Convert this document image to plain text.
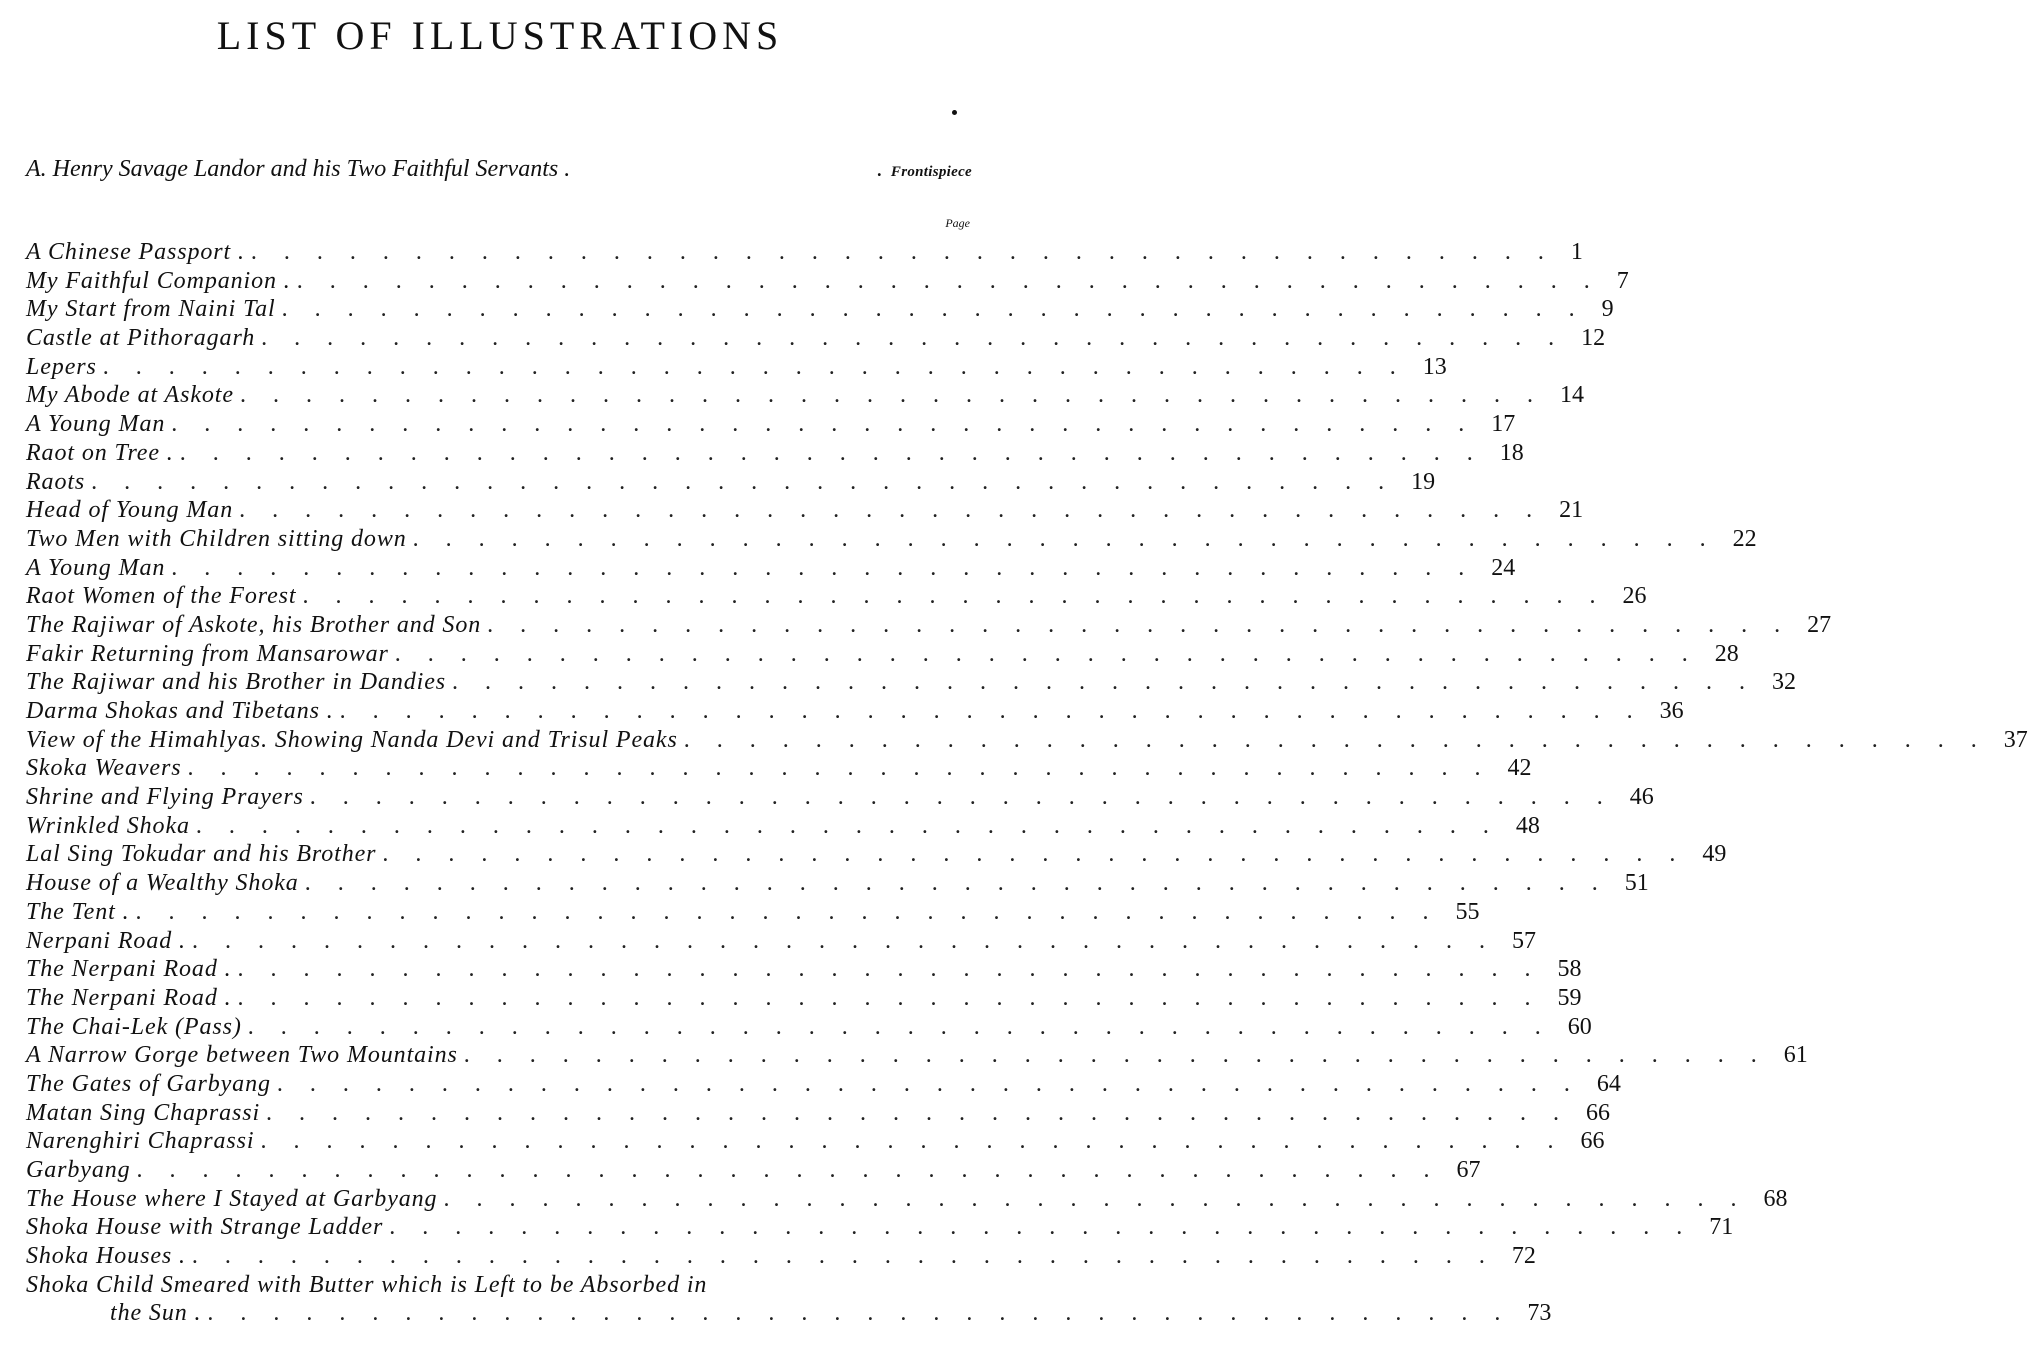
LIST OF ILLUSTRATIONS
A. Henry Savage Landor and his Two Faithful Servants .	. Frontispiece
Page
A Chinese Passport . ........................................ 1
My Faithful Companion . ........................................ 7
My Start from Naini Tal ........................................ 9
Castle at Pithoragarh ........................................ 12
Lepers ........................................ 13
My Abode at Askote ........................................ 14
A Young Man ........................................ 17
Raot on Tree . ........................................ 18
Raots ........................................ 19
Head of Young Man ........................................ 21
Two Men with Children sitting down ........................................ 22
A Young Man ........................................ 24
Raot Women of the Forest ........................................ 26
The Rajiwar of Askote, his Brother and Son ........................................ 27
Fakir Returning from Mansarowar ........................................ 28
The Rajiwar and his Brother in Dandies ........................................ 32
Darma Shokas and Tibetans . ........................................ 36
View of the Himahlyas. Showing Nanda Devi and Trisul Peaks ........................................ 37
Skoka Weavers ........................................ 42
Shrine and Flying Prayers ........................................ 46
Wrinkled Shoka ........................................ 48
Lal Sing Tokudar and his Brother ........................................ 49
House of a Wealthy Shoka ........................................ 51
The Tent . ........................................ 55
Nerpani Road . ........................................ 57
The Nerpani Road . ........................................ 58
The Nerpani Road . ........................................ 59
The Chai-Lek (Pass) ........................................ 60
A Narrow Gorge between Two Mountains ........................................ 61
The Gates of Garbyang ........................................ 64
Matan Sing Chaprassi ........................................ 66
Narenghiri Chaprassi ........................................ 66
Garbyang ........................................ 67
The House where I Stayed at Garbyang ........................................ 68
Shoka House with Strange Ladder ........................................ 71
Shoka Houses . ........................................ 72
Shoka Child Smeared with Butter which is Left to be Absorbed in
the Sun . ........................................ 73
